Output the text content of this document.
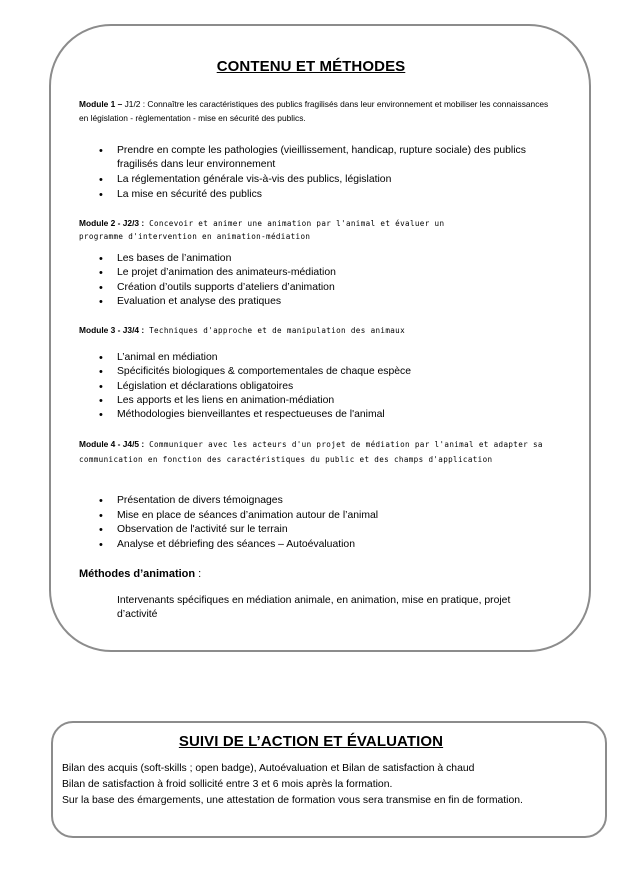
CONTENU ET MÉTHODES
Module 1 – J1/2 : Connaître les caractéristiques des publics fragilisés dans leur environnement et mobiliser les connaissances
en législation - règlementation - mise en sécurité des publics.
• Prendre en compte les pathologies (vieillissement, handicap, rupture sociale) des publics
fragilisés dans leur environnement
• La réglementation générale vis-à-vis des publics, législation
• La mise en sécurité des publics
Module 2 - J2/3 : Concevoir et animer une animation par l'animal et évaluer un
programme d'intervention en animation-médiation
• Les bases de l’animation
• Le projet d’animation des animateurs-médiation
• Création d’outils supports d’ateliers d’animation
• Evaluation et analyse des pratiques
Module 3 - J3/4 : Techniques d'approche et de manipulation des animaux
• L’animal en médiation
• Spécificités biologiques & comportementales de chaque espèce
• Législation et déclarations obligatoires
• Les apports et les liens en animation-médiation
• Méthodologies bienveillantes et respectueuses de l'animal
Module 4 - J4/5 : Communiquer avec les acteurs d'un projet de médiation par l'animal et adapter sa
communication en fonction des caractéristiques du public et des champs d'application
• Présentation de divers témoignages
• Mise en place de séances d’animation autour de l’animal
• Observation de l'activité sur le terrain
• Analyse et débriefing des séances – Autoévaluation
Méthodes d’animation :
Intervenants spécifiques en médiation animale, en animation, mise en pratique, projet
d’activité
SUIVI DE L’ACTION ET ÉVALUATION
Bilan des acquis (soft-skills ; open badge), Autoévaluation et Bilan de satisfaction à chaud
Bilan de satisfaction à froid sollicité entre 3 et 6 mois après la formation.
Sur la base des émargements, une attestation de formation vous sera transmise en fin de formation.
